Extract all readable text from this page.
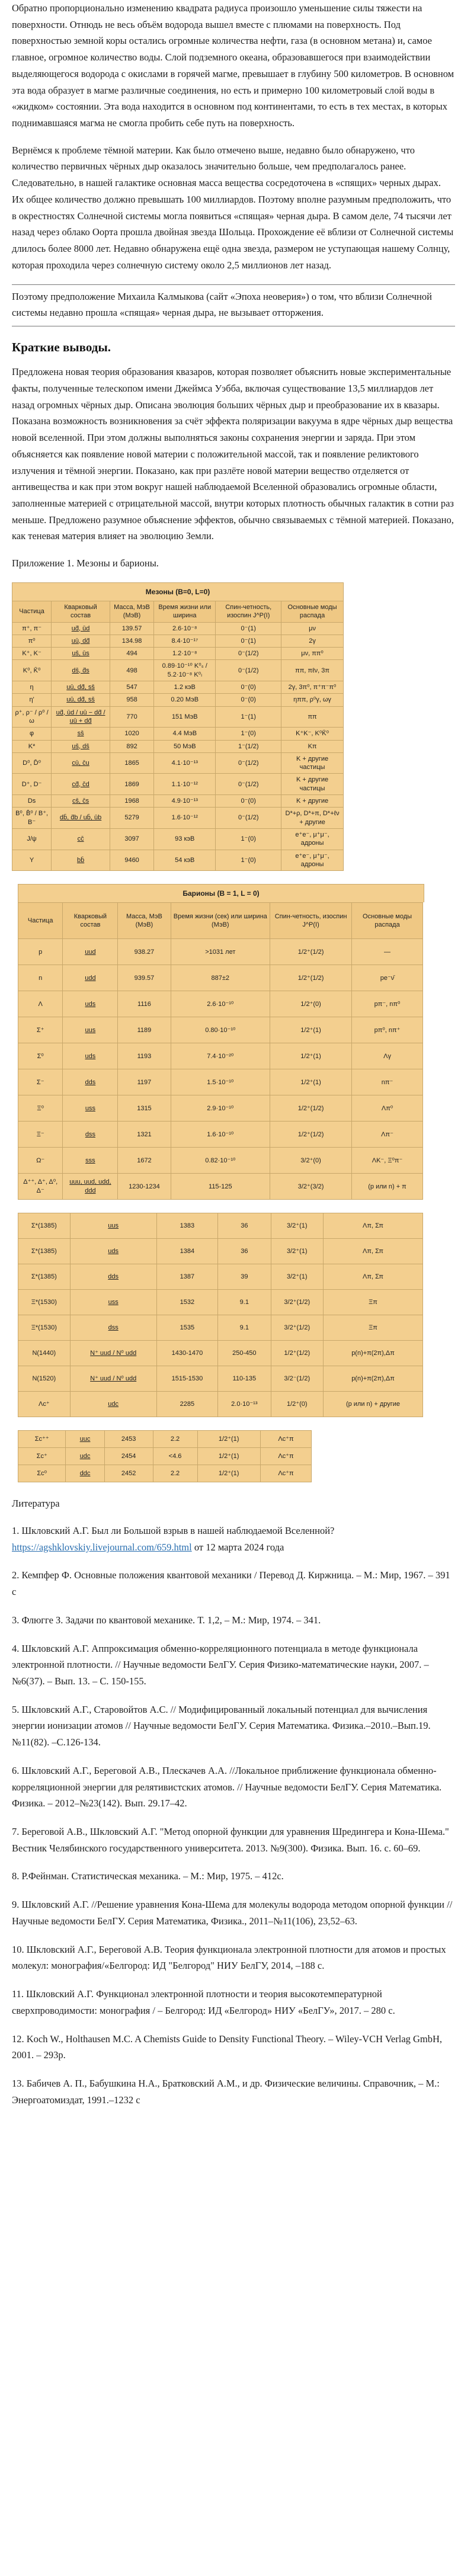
Обратно пропорционально изменению квадрата радиуса произошло уменьшение силы тяжести на поверхности. Отнюдь не весь объём водорода вышел вместе с плюмами на поверхность. Под поверхностью земной коры остались огромные количества нефти, газа (в основном метана) и, самое главное, огромное количество воды. Слой подземного океана, образовавшегося при взаимодействии выделяющегося водорода с окислами в горячей магме, превышает в глубину 500 километров. В основном эта вода образует в магме различные соединения, но есть и примерно 100 километровый слой воды в «жидком» состоянии. Эта вода находится в основном под континентами, то есть в тех местах, в которых поднимавшаяся магма не смогла пробить себе путь на поверхность.

Вернёмся к проблеме тёмной материи. Как было отмечено выше, недавно было обнаружено, что количество первичных чёрных дыр оказалось значительно больше, чем предполагалось ранее. Следовательно, в нашей галактике основная масса вещества сосредоточена в «спящих» черных дырах. Их общее количество должно превышать 100 миллиардов. Поэтому вполне разумным предположить, что в окрестностях Солнечной системы могла появиться «спящая» черная дыра. В самом деле, 74 тысячи лет назад через облако Оорта прошла двойная звезда Шольца. Прохождение её вблизи от Солнечной системы длилось более 8000 лет. Недавно обнаружена ещё одна звезда, размером не уступающая нашему Солнцу, которая проходила через солнечную систему около 2,5 миллионов лет назад.

Поэтому предположение Михаила Калмыкова (сайт «Эпоха неоверия») о том, что вблизи Солнечной системы недавно прошла «спящая» черная дыра, не вызывает отторжения.

Краткие выводы.

Предложена новая теория образования квазаров, которая позволяет объяснить новые экспериментальные факты, полученные телескопом имени Джеймса Уэбба, включая существование 13,5 миллиардов лет назад огромных чёрных дыр. Описана эволюция больших чёрных дыр и преобразование их в квазары. Показана возможность возникновения за счёт эффекта поляризации вакуума в ядре чёрных дыр вещества новой вселенной. При этом должны выполняться законы сохранения энергии и заряда. При этом объясняется как появление новой материи с положительной массой, так и появление реликтового излучения и тёмной энергии. Показано, как при разлёте новой материи вещество отделяется от антивещества и как при этом вокруг нашей наблюдаемой Вселенной образовались огромные области, заполненные материей с отрицательной массой, внутри которых плотность обычных галактик в сотни раз меньше. Предложено разумное объяснение эффектов, обычно связываемых с тёмной материей. Показано, как теневая материя влияет на эволюцию Земли.

Приложение 1. Мезоны и барионы.

Мезоны (B=0, L=0)
Частица	Кварковый состав	Масса, МэВ (МэВ)	Время жизни или ширина	Спин-четность, изоспин J^P(I)	Основные моды распада
π⁺, π⁻	ud̄, ūd	139.57	2.6·10⁻⁸	0⁻(1)	μν
π⁰	uū, dd̄	134.98	8.4·10⁻¹⁷	0⁻(1)	2γ
K⁺, K⁻	us̄, ūs	494	1.2·10⁻⁸	0⁻(1/2)	μν, ππ⁰
K⁰, K̄⁰	ds̄, d̄s	498	0.89·10⁻¹⁰ K⁰ₛ / 5.2·10⁻⁸ K⁰ₗ	0⁻(1/2)	ππ, πℓν, 3π
η	uū, dd̄, ss̄	547	1.2 кэВ	0⁻(0)	2γ, 3π⁰, π⁺π⁻π⁰
η'	uū, dd̄, ss̄	958	0.20 МэВ	0⁻(0)	ηππ, ρ⁰γ, ωγ
ρ⁺, ρ⁻ / ρ⁰ / ω	ud̄, ūd / uū − dd̄ / uū + dd̄	770	151 МэВ	1⁻(1)	ππ
φ	ss̄	1020	4.4 МэВ	1⁻(0)	K⁺K⁻, K⁰K̄⁰
K*	us̄, ds̄	892	50 МэВ	1⁻(1/2)	Kπ
D⁰, D̄⁰	cū, c̄u	1865	4.1·10⁻¹³	0⁻(1/2)	K + другие частицы
D⁺, D⁻	cd̄, c̄d	1869	1.1·10⁻¹²	0⁻(1/2)	K + другие частицы
Ds	cs̄, c̄s	1968	4.9·10⁻¹³	0⁻(0)	K + другие
B⁰, B̄⁰ / B⁺, B⁻	db̄, d̄b / ub̄, ūb	5279	1.6·10⁻¹²	0⁻(1/2)	D*+ρ, D*+π, D*+ℓν + другие
J/ψ	cc̄	3097	93 кэВ	1⁻(0)	e⁺e⁻, μ⁺μ⁻, адроны
Υ	bb̄	9460	54 кэВ	1⁻(0)	e⁺e⁻, μ⁺μ⁻, адроны
Барионы (B = 1, L = 0)
Частица	Кварковый состав	Масса, МэВ (МэВ)	Время жизни (сек) или ширина (МэВ)	Спин-четность, изоспин J^P(I)	Основные моды распада
p	uud	938.27	>1031 лет	1/2⁺(1/2)	—
n	udd	939.57	887±2	1/2⁺(1/2)	pe⁻ν̄
Λ	uds	1116	2.6·10⁻¹⁰	1/2⁺(0)	pπ⁻, nπ⁰
Σ⁺	uus	1189	0.80·10⁻¹⁰	1/2⁺(1)	pπ⁰, nπ⁺
Σ⁰	uds	1193	7.4·10⁻²⁰	1/2⁺(1)	Λγ
Σ⁻	dds	1197	1.5·10⁻¹⁰	1/2⁺(1)	nπ⁻
Ξ⁰	uss	1315	2.9·10⁻¹⁰	1/2⁺(1/2)	Λπ⁰
Ξ⁻	dss	1321	1.6·10⁻¹⁰	1/2⁺(1/2)	Λπ⁻
Ω⁻	sss	1672	0.82·10⁻¹⁰	3/2⁺(0)	ΛK⁻, Ξ⁰π⁻
Δ⁺⁺, Δ⁺, Δ⁰, Δ⁻	uuu, uud, udd, ddd	1230-1234	115-125	3/2⁺(3/2)	(p или n) + π
Σ*(1385)	uus	1383	36	3/2⁺(1)	Λπ, Σπ
Σ*(1385)	uds	1384	36	3/2⁺(1)	Λπ, Σπ
Σ*(1385)	dds	1387	39	3/2⁺(1)	Λπ, Σπ
Ξ*(1530)	uss	1532	9.1	3/2⁺(1/2)	Ξπ
Ξ*(1530)	dss	1535	9.1	3/2⁺(1/2)	Ξπ
N(1440)	N⁺ uud / N⁰ udd	1430-1470	250-450	1/2⁺(1/2)	p(n)+π(2π),Δπ
N(1520)	N⁺ uud / N⁰ udd	1515-1530	110-135	3/2⁻(1/2)	p(n)+π(2π),Δπ
Λc⁺	udc	2285	2.0·10⁻¹³	1/2⁺(0)	(p или n) + другие
Σc⁺⁺	uuc	2453	2.2	1/2⁺(1)	Λc⁺π
Σc⁺	udc	2454	<4.6	1/2⁺(1)	Λc⁺π
Σc⁰	ddc	2452	2.2	1/2⁺(1)	Λc⁺π

Литература

1. Шкловский А.Г. Был ли Большой взрыв в нашей наблюдаемой Вселенной? https://agshklovskiy.livejournal.com/659.html от 12 марта 2024 года

2. Кемпфер Ф. Основные положения квантовой механики / Перевод Д. Киржница. – М.: Мир, 1967. – 391 с

3. Флюгге З. Задачи по квантовой механике. Т. 1,2, – М.: Мир, 1974. – 341.

4. Шкловский А.Г. Аппроксимация обменно-корреляционного потенциала в методе функционала электронной плотности. // Научные ведомости БелГУ. Серия Физико-математические науки, 2007. – №6(37). – Вып. 13. – С. 150-155.

5. Шкловский А.Г., Старовойтов А.С. // Модифицированный локальный потенциал для вычисления энергии ионизации атомов // Научные ведомости БелГУ. Серия Математика. Физика.–2010.–Вып.19. №11(82). –С.126-134.

6. Шкловский А.Г., Береговой А.В., Плескачев А.А. //Локальное приближение функционала обменно-корреляционной энергии для релятивистских атомов. // Научные ведомости БелГУ. Серия Математика. Физика. – 2012–№23(142). Вып. 29.17–42.

7. Береговой А.В., Шкловский А.Г. "Метод опорной функции для уравнения Шредингера и Кона-Шема." Вестник Челябинского государственного университета. 2013. №9(300). Физика. Вып. 16. с. 60–69.

8. Р.Фейнман. Статистическая механика. – М.: Мир, 1975. – 412с.

9. Шкловский А.Г. //Решение уравнения Кона-Шема для молекулы водорода методом опорной функции // Научные ведомости БелГУ. Серия Математика, Физика., 2011–№11(106), 23,52–63.

10. Шкловский А.Г., Береговой А.В. Теория функционала электронной плотности для атомов и простых молекул: монография/«Белгород: ИД "Белгород" НИУ БелГУ, 2014, –188 с.

11. Шкловский А.Г. Функционал электронной плотности и теория высокотемпературной сверхпроводимости: монография / – Белгород: ИД «Белгород» НИУ «БелГУ», 2017. – 280 с.

12. Koch W., Holthausen M.C. A Chemists Guide to Density Functional Theory. – Wiley-VCH Verlag GmbH, 2001. – 293p.

13. Бабичев А. П., Бабушкина Н.А., Братковский А.М., и др. Физические величины. Справочник, – М.: Энергоатомиздат, 1991.–1232 с
